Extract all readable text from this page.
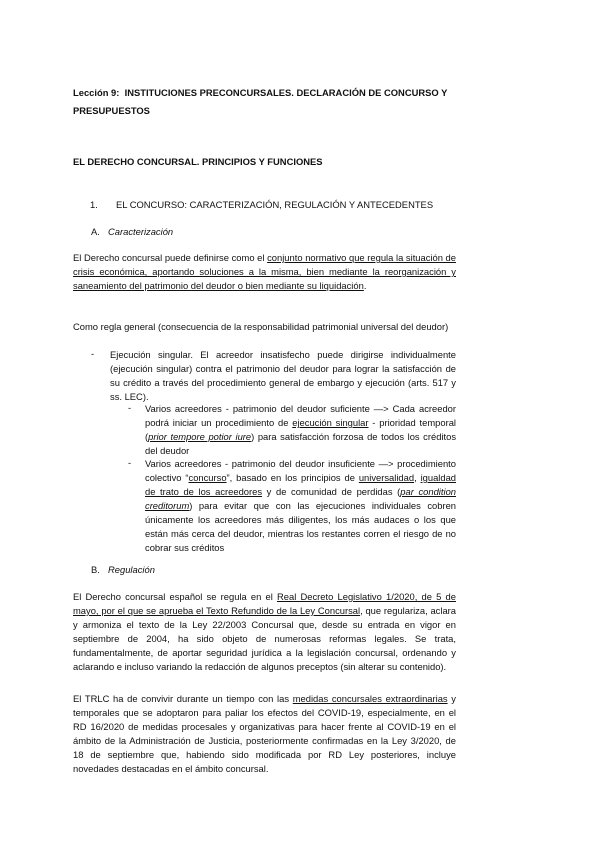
Lección 9: INSTITUCIONES PRECONCURSALES. DECLARACIÓN DE CONCURSO Y
PRESUPUESTOS
EL DERECHO CONCURSAL. PRINCIPIOS Y FUNCIONES
1. EL CONCURSO: CARACTERIZACIÓN, REGULACIÓN Y ANTECEDENTES
A. Caracterización
El Derecho concursal puede definirse como el conjunto normativo que regula la situación de crisis económica, aportando soluciones a la misma, bien mediante la reorganización y saneamiento del patrimonio del deudor o bien mediante su liquidación.
Como regla general (consecuencia de la responsabilidad patrimonial universal del deudor)
- Ejecución singular. El acreedor insatisfecho puede dirigirse individualmente (ejecución singular) contra el patrimonio del deudor para lograr la satisfacción de su crédito a través del procedimiento general de embargo y ejecución (arts. 517 y ss. LEC).
- Varios acreedores - patrimonio del deudor suficiente —> Cada acreedor podrá iniciar un procedimiento de ejecución singular - prioridad temporal (prior tempore potior iure) para satisfacción forzosa de todos los créditos del deudor
- Varios acreedores - patrimonio del deudor insuficiente —> procedimiento colectivo “concurso”, basado en los principios de universalidad, igualdad de trato de los acreedores y de comunidad de perdidas (par condition creditorum) para evitar que con las ejecuciones individuales cobren únicamente los acreedores más diligentes, los más audaces o los que están más cerca del deudor, mientras los restantes corren el riesgo de no cobrar sus créditos
B. Regulación
El Derecho concursal español se regula en el Real Decreto Legislativo 1/2020, de 5 de mayo, por el que se aprueba el Texto Refundido de la Ley Concursal, que regulariza, aclara y armoniza el texto de la Ley 22/2003 Concursal que, desde su entrada en vigor en septiembre de 2004, ha sido objeto de numerosas reformas legales. Se trata, fundamentalmente, de aportar seguridad jurídica a la legislación concursal, ordenando y aclarando e incluso variando la redacción de algunos preceptos (sin alterar su contenido).
El TRLC ha de convivir durante un tiempo con las medidas concursales extraordinarias y temporales que se adoptaron para paliar los efectos del COVID-19, especialmente, en el RD 16/2020 de medidas procesales y organizativas para hacer frente al COVID-19 en el ámbito de la Administración de Justicia, posteriormente confirmadas en la Ley 3/2020, de 18 de septiembre que, habiendo sido modificada por RD Ley posteriores, incluye novedades destacadas en el ámbito concursal.
